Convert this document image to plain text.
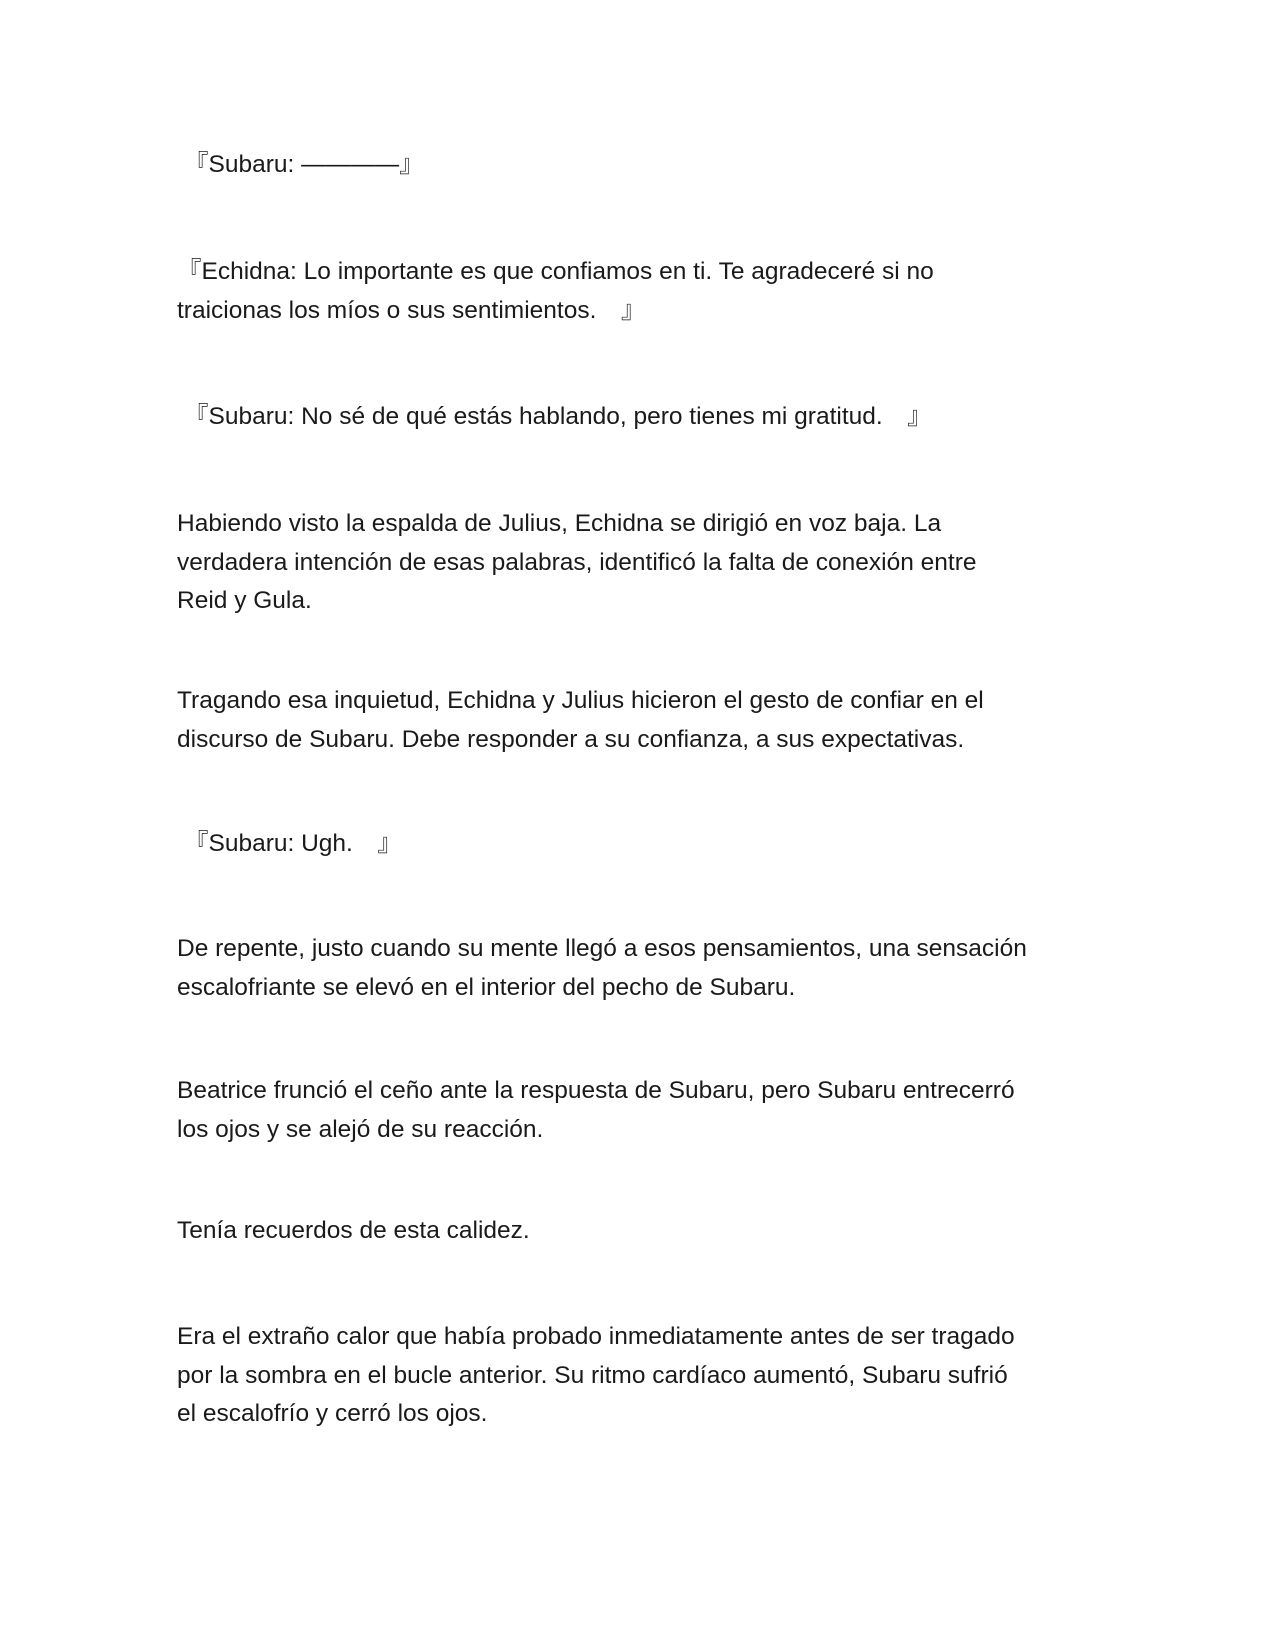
『Subaru: ————』

『Echidna: Lo importante es que confiamos en ti. Te agradeceré si no
traicionas los míos o sus sentimientos.　』

『Subaru: No sé de qué estás hablando, pero tienes mi gratitud.　』

Habiendo visto la espalda de Julius, Echidna se dirigió en voz baja. La
verdadera intención de esas palabras, identificó la falta de conexión entre
Reid y Gula.

Tragando esa inquietud, Echidna y Julius hicieron el gesto de confiar en el
discurso de Subaru. Debe responder a su confianza, a sus expectativas.

『Subaru: Ugh.　』

De repente, justo cuando su mente llegó a esos pensamientos, una sensación
escalofriante se elevó en el interior del pecho de Subaru.

Beatrice frunció el ceño ante la respuesta de Subaru, pero Subaru entrecerró
los ojos y se alejó de su reacción.

Tenía recuerdos de esta calidez.

Era el extraño calor que había probado inmediatamente antes de ser tragado
por la sombra en el bucle anterior. Su ritmo cardíaco aumentó, Subaru sufrió
el escalofrío y cerró los ojos.
